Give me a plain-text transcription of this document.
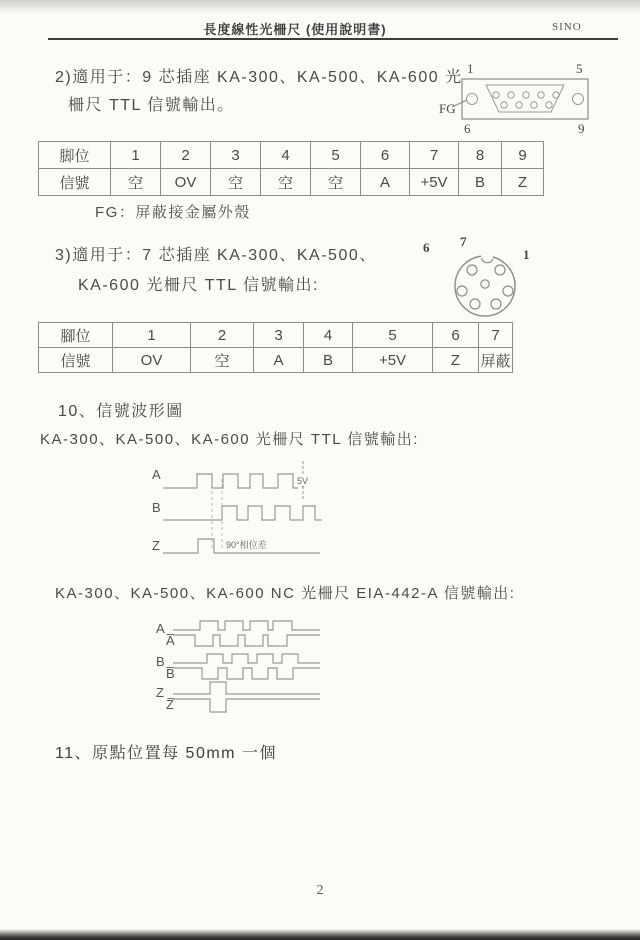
長度線性光柵尺 (使用說明書)	SINO
2)適用于：9 芯插座 KA-300、KA-500、KA-600 光
柵尺 TTL 信號輸出。
1	5
FG
6	9
脚位	1	2	3	4	5	6	7	8	9
信號	空	OV	空	空	空	A	+5V	B	Z
FG：屏蔽接金屬外殼
3)適用于：7 芯插座 KA-300、KA-500、
KA-600 光柵尺 TTL 信號輸出:
6 7
1
腳位	1	2	3	4	5	6	7
信號	OV	空	A	B	+5V	Z	屏蔽
10、信號波形圖
KA-300、KA-500、KA-600 光柵尺 TTL 信號輸出:
A	5V
B
90°相位差
Z
KA-300、KA-500、KA-600 NC 光柵尺 EIA-442-A 信號輸出:
A
A̅
B
B̅
Z
Z̅
11、原點位置每 50mm 一個
2
